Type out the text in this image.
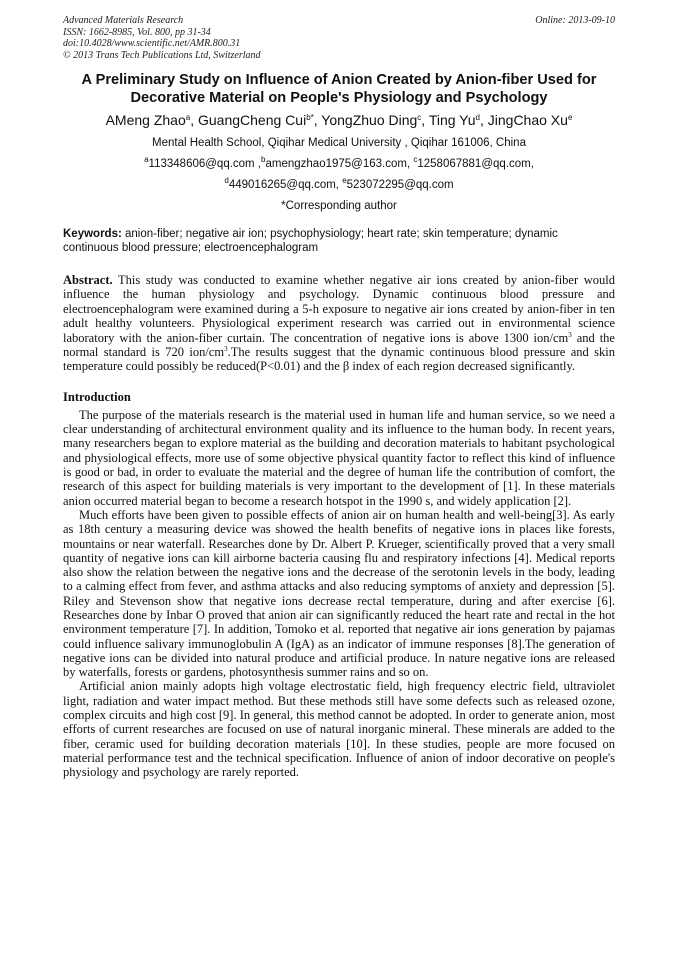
Advanced Materials Research
ISSN: 1662-8985, Vol. 800, pp 31-34
doi:10.4028/www.scientific.net/AMR.800.31
© 2013 Trans Tech Publications Ltd, Switzerland
Online: 2013-09-10
A Preliminary Study on Influence of Anion Created by Anion-fiber Used for Decorative Material on People's Physiology and Psychology
AMeng Zhao$^a$, GuangCheng Cui$^{b*}$, YongZhuo Ding$^c$, Ting Yu$^d$, JingChao Xu$^e$
Mental Health School, Qiqihar Medical University , Qiqihar 161006, China
$^a$113348606@qq.com ,$^b$amengzhao1975@163.com, $^c$1258067881@qq.com,
$^d$449016265@qq.com, $^e$523072295@qq.com
*Corresponding author
Keywords: anion-fiber; negative air ion; psychophysiology; heart rate; skin temperature; dynamic continuous blood pressure; electroencephalogram
Abstract. This study was conducted to examine whether negative air ions created by anion-fiber would influence the human physiology and psychology. Dynamic continuous blood pressure and electroencephalogram were examined during a 5-h exposure to negative air ions created by anion-fiber in ten adult healthy volunteers. Physiological experiment research was carried out in environmental science laboratory with the anion-fiber curtain. The concentration of negative ions is above 1300 ion/$cm^3$ and the normal standard is 720 ion/$cm^3.The$ results suggest that the dynamic continuous blood pressure and skin temperature could possibly be reduced(P<0.01) and the β index of each region decreased significantly.
Introduction

The purpose of the materials research is the material used in human life and human service, so we need a clear understanding of architectural environment quality and its influence to the human body. In recent years, many researchers began to explore material as the building and decoration materials to habitant psychological and physiological effects, more use of some objective physical quantity factor to reflect this kind of influence is good or bad, in order to evaluate the material and the degree of human life the contribution of comfort, the research of this aspect for building materials is very important to the development of [1]. In these materials anion occurred material began to become a research hotspot in the 1990 s, and widely application [2].

Much efforts have been given to possible effects of anion air on human health and well-being[3]. As early as 18th century a measuring device was showed the health benefits of negative ions in places like forests, mountains or near waterfall. Researches done by Dr. Albert P. Krueger, scientifically proved that a very small quantity of negative ions can kill airborne bacteria causing flu and respiratory infections [4]. Medical reports also show the relation between the negative ions and the decrease of the serotonin levels in the body, leading to a calming effect from fever, and asthma attacks and also reducing symptoms of anxiety and depression [5]. Riley and Stevenson show that negative ions decrease rectal temperature, during and after exercise [6]. Researches done by Inbar O proved that anion air can significantly reduced the heart rate and rectal in the hot environment temperature [7]. In addition, Tomoko et al. reported that negative air ions generation by pajamas could influence salivary immunoglobulin A (IgA) as an indicator of immune responses [8].The generation of negative ions can be divided into natural produce and artificial produce. In nature negative ions are released by waterfalls, forests or gardens, photosynthesis summer rains and so on.

Artificial anion mainly adopts high voltage electrostatic field, high frequency electric field, ultraviolet light, radiation and water impact method. But these methods still have some defects such as released ozone, complex circuits and high cost [9]. In general, this method cannot be adopted. In order to generate anion, most efforts of current researches are focused on use of natural inorganic mineral. These minerals are added to the fiber, ceramic used for building decoration materials [10]. In these studies, people are more focused on material performance test and the technical specification. Influence of anion of indoor decorative on people's physiology and psychology are rarely reported.
